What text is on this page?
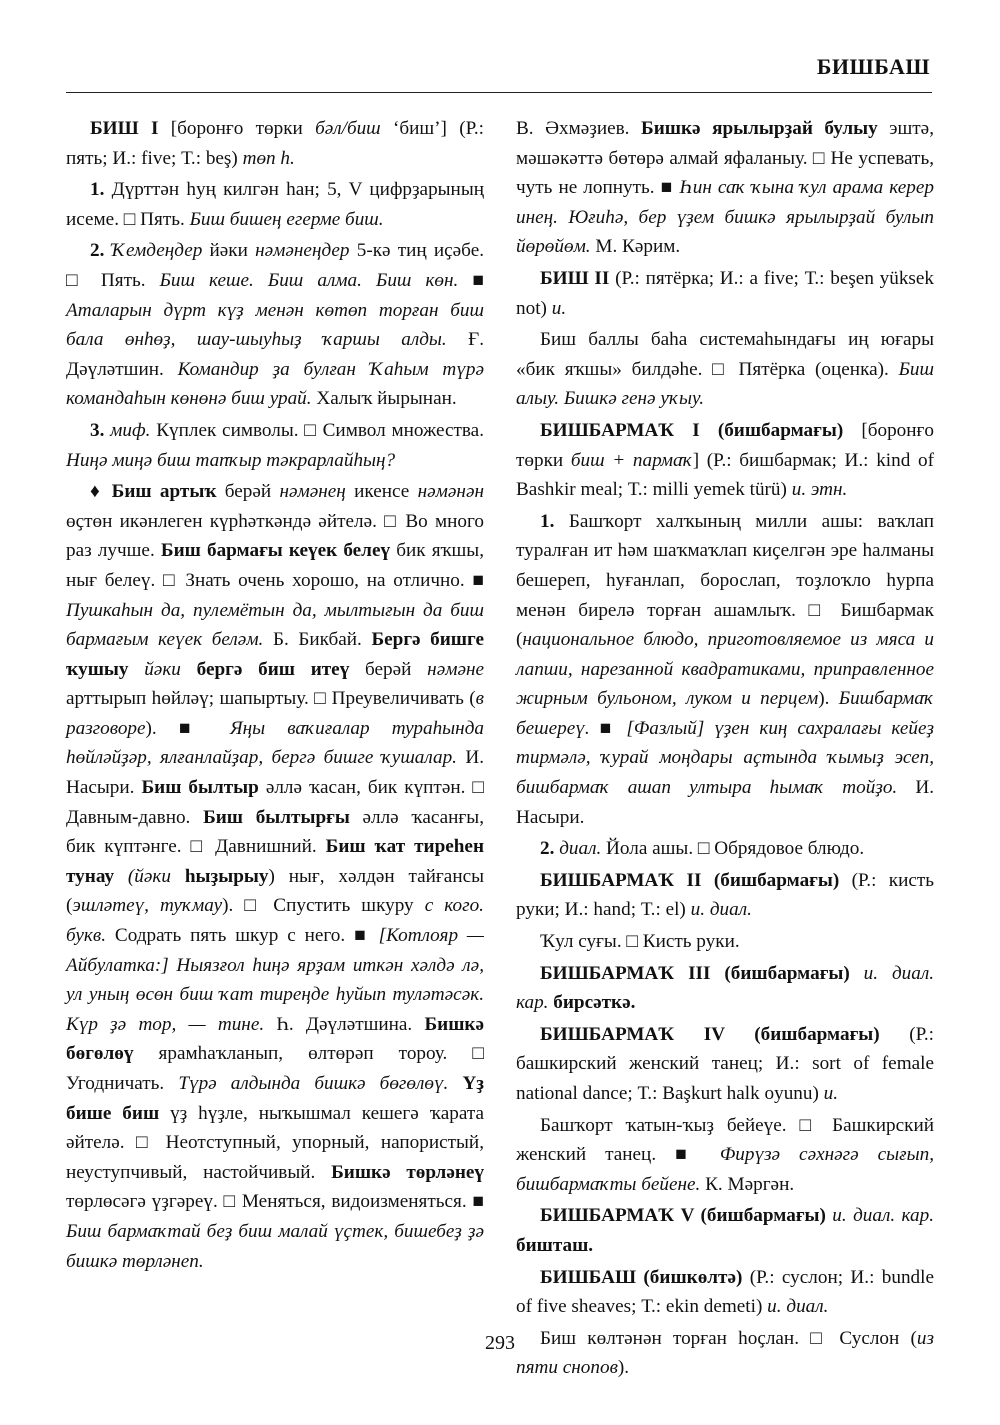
БИШБАШ

БИШ I [боронғо төрки бәл/биш ‘биш’] (Р.: пять; И.: five; Т.: beş) төп h.

1. Дүрттән һуң килгән һан; 5, V цифрҙарының исеме. □ Пять. Биш бишең егерме биш.

2. Ҡемдеңдер йәки нәмәнеңдер 5-кә тиң иҫәбе. □ Пять. Биш кеше. Биш алма. Биш көн. ■ Аталарын дүрт күҙ менән көтөп торған биш бала өнһөҙ, шау-шыуһыҙ ҡаршы алды. Ғ. Дәүләтшин. Командир ҙа булған Ҡаһым түрә командаһын көнөнә биш урай. Халыҡ йырынан.

3. миф. Күплек символы. □ Символ множества. Ниңә миңә биш тапҡыр тәкрарлайһың?

♦ Биш артыҡ берәй нәмәнең икенсе нәмәнән өҫтөн икәнлеген күрһәткәндә әйтелә. □ Во много раз лучше. Биш бармағы кеүек белеү бик яҡшы, нығ белеү. □ Знать очень хорошо, на отлично. ■ Пушкаһын да, пулемётын да, мылтығын да биш бармағым кеүек беләм. Б. Бикбай. Бергә бишге ҡушыу йәки бергә биш итеү берәй нәмәне арттырып һөйләү; шапыртыу. □ Преувеличивать (в разговоре). ■ Яңы ваҡиғалар тураһында һөйләйҙәр, ялғанлайҙар, бергә бишге ҡушалар. И. Насыри. Биш былтыр әллә ҡасан, бик күптән. □ Давным-давно. Биш былтырғы әллә ҡасанғы, бик күптәнге. □ Давнишний. Биш ҡат тиреһен тунау (йәки һыҙырыу) нығ, хәлдән тайғансы (эшләтеү, туҡмау). □ Спустить шкуру с кого. букв. Содрать пять шкур с него. ■ [Котлояр — Айбулатка:] Ныязғол һиңә ярҙам иткән хәлдә лә, ул уның өсөн биш ҡат тиреңде һуйып туләтәсәк. Күр ҙә тор, — тине. Һ. Дәүләтшина. Бишкә бөгөлөү ярамһаҡланып, өлтөрәп тороу. □ Угодничать. Түрә алдында бишкә бөгөлөү. Үҙ бише биш үҙ һүҙле, ныҡышмал кешегә ҡарата әйтелә. □ Неотступный, упорный, напористый, неуступчивый, настойчивый. Бишкә төрләнеү төрлөсәгә үҙгәреү. □ Меняться, видоизменяться. ■ Биш бармаҡтай беҙ биш малай үҫтек, бишебеҙ ҙә бишкә төрләнеп.

В. Әхмәҙиев. Бишкә ярылырҙай булыу эштә, мәшәкәттә бөтөрә алмай яфаланыу. □ Не успевать, чуть не лопнуть. ■ Һин саҡ ҡына ҡул арама керер инең. Юғиһә, бер үҙем бишкә ярылырҙай булып йөрөйөм. М. Кәрим.

БИШ II (Р.: пятёрка; И.: a five; Т.: beşen yüksek not) и.

Биш баллы баһа системаһындағы иң юғары «бик яҡшы» билдәһе. □ Пятёрка (оценка). Биш алыу. Бишкә генә уҡыу.

БИШБАРМАҠ I (бишбармағы) [боронғо төрки биш + пармаҡ] (Р.: бишбармак; И.: kind of Bashkir meal; Т.: milli yemek türü) и. этн.

1. Башҡорт халҡының милли ашы: ваҡлап туралған ит һәм шаҡмаҡлап киҫелгән эре һалманы бешереп, һуғанлап, борослап, тоҙлоҡло һурпа менән бирелә торған ашамлыҡ. □ Бишбармак (национальное блюдо, приготовляемое из мяса и лапши, нарезанной квадратиками, приправленное жирным бульоном, луком и перцем). Бишбармаҡ бешереү. ■ [Фазлый] үҙен киң сахралағы кейеҙ тирмәлә, ҡурай моңдары аҫтында ҡымыҙ эсеп, бишбармаҡ ашап ултыра һымаҡ тойҙо. И. Насыри.

2. диал. Йола ашы. □ Обрядовое блюдо.

БИШБАРМАҠ II (бишбармағы) (Р.: кисть руки; И.: hand; Т.: el) и. диал.

Ҡул суғы. □ Кисть руки.

БИШБАРМАҠ III (бишбармағы) и. диал. кар. бирсәткә.

БИШБАРМАҠ IV (бишбармағы) (Р.: башкирский женский танец; И.: sort of female national dance; Т.: Başkurt halk oyunu) и.

Башҡорт ҡатын-ҡыҙ бейеүе. □ Башкирский женский танец. ■ Фирүзә сәхнәгә сығып, бишбармаҡты бейене. К. Мәргән.

БИШБАРМАҠ V (бишбармағы) и. диал. кар. бишташ.

БИШБАШ (бишкөлтә) (Р.: суслон; И.: bundle of five sheaves; Т.: ekin demeti) и. диал.

Биш көлтәнән торған һоҫлан. □ Суслон (из пяти снопов).

293
